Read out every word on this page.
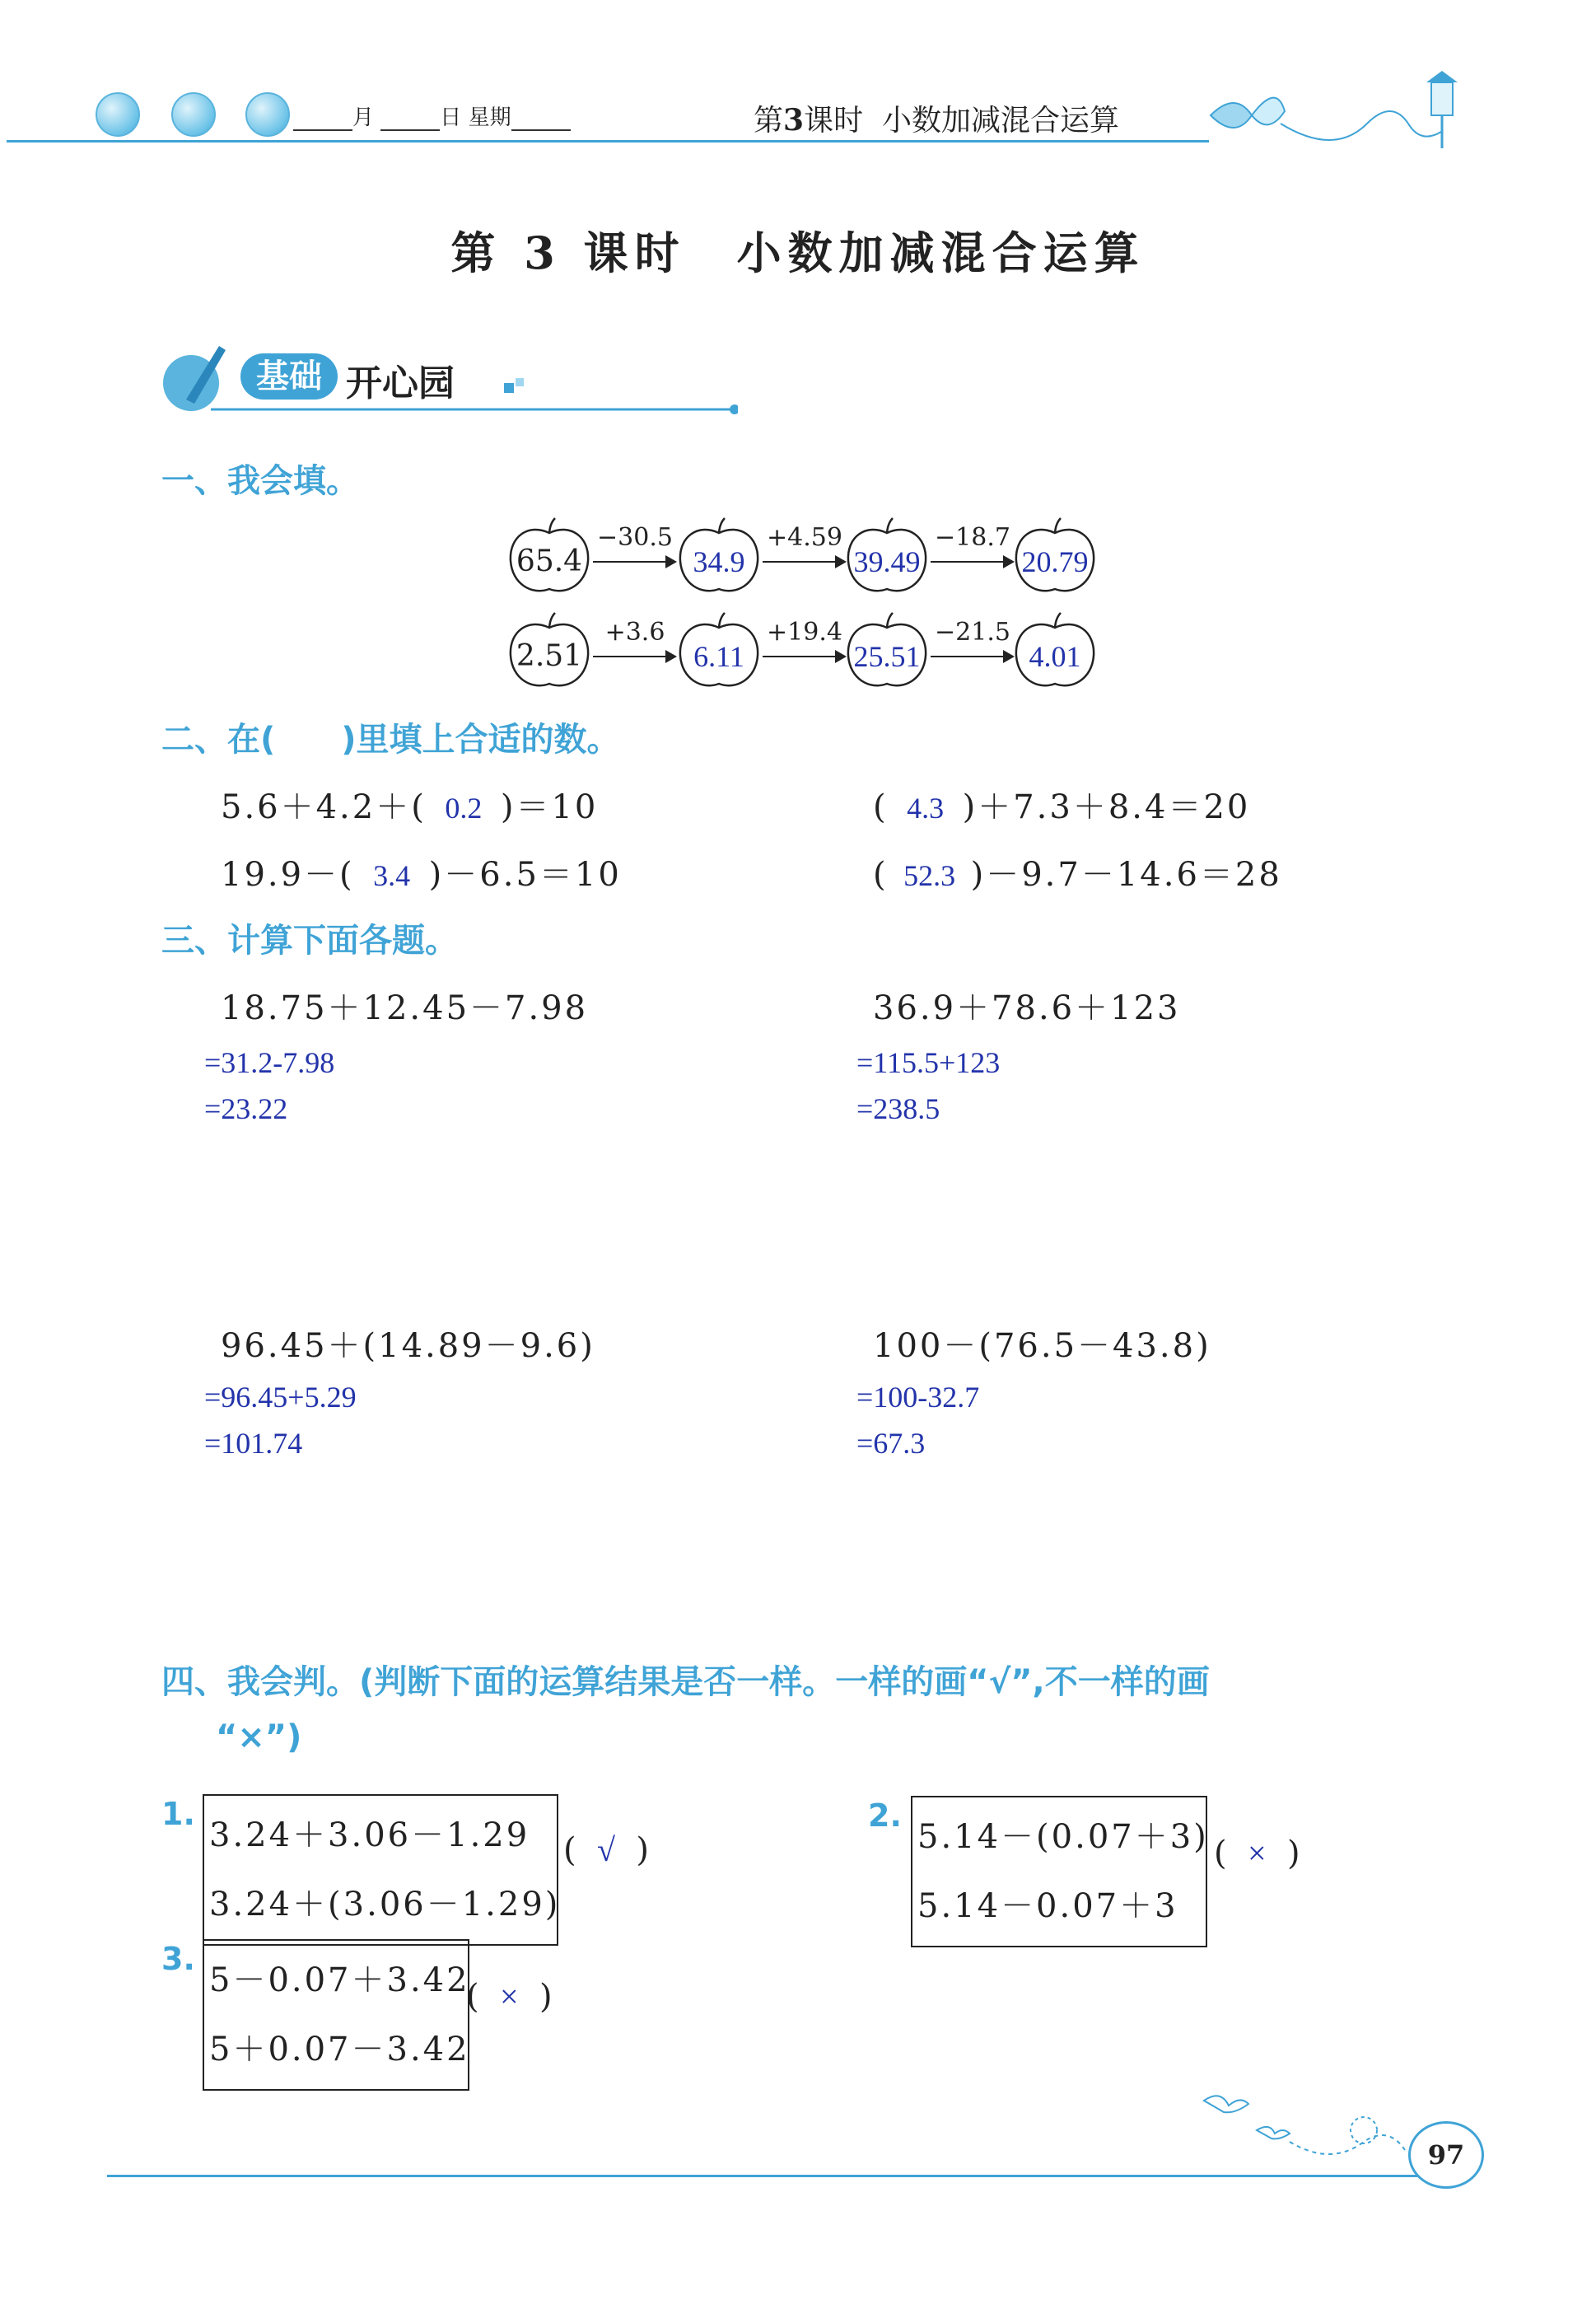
月	日 星期	第3课时 小数加减混合运算
第 3 课时　小数加减混合运算
基础 开心园
一、我会填。
65.4	34.9	39.49	20.79
−30.5	+4.59	−18.7
2.51	6.11	25.51	4.01
+3.6	+19.4	−21.5
二、在(　　)里填上合适的数。
5.6＋4.2＋( 0.2 )＝10	( 4.3 )＋7.3＋8.4＝20
19.9－( 3.4 )－6.5＝10	( 52.3 )－9.7－14.6＝28
三、计算下面各题。
18.75＋12.45－7.98
=31.2-7.98
=23.22
36.9＋78.6＋123
=115.5+123
=238.5
96.45＋(14.89－9.6)
=96.45+5.29
=101.74
100－(76.5－43.8)
=100-32.7
=67.3
四、我会判。(判断下面的运算结果是否一样。一样的画“√”,不一样的画
“×”)
1.
3.24＋3.06－1.29
3.24＋(3.06－1.29)
(  √  )
2.
5.14－(0.07＋3)
5.14－0.07＋3
(  ×  )
3.
5－0.07＋3.42
5＋0.07－3.42
(  ×  )
97
